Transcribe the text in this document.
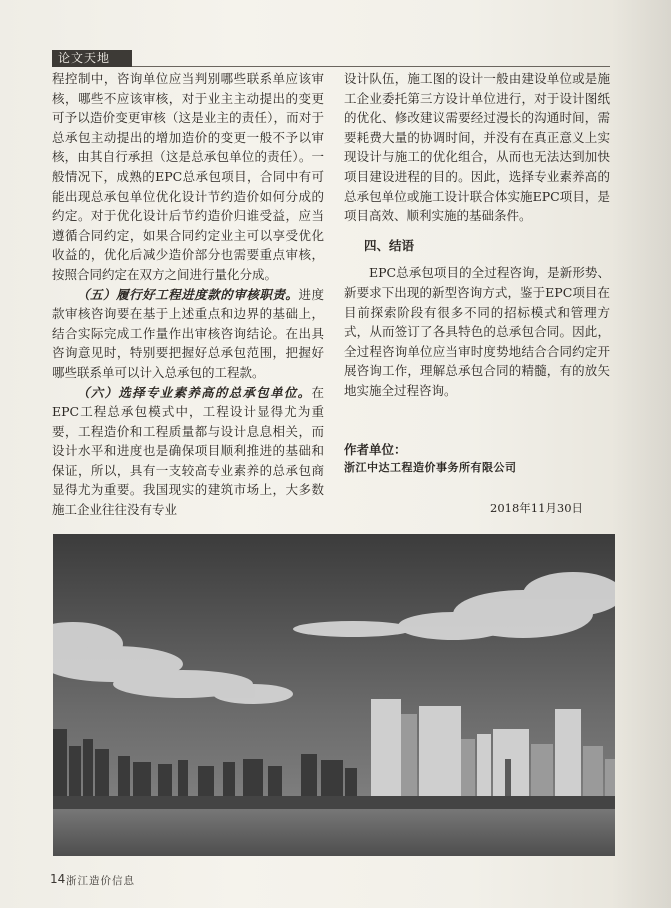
论文天地

程控制中，咨询单位应当判别哪些联系单应该审核，哪些不应该审核，对于业主主动提出的变更可予以造价变更审核（这是业主的责任），而对于总承包主动提出的增加造价的变更一般不予以审核，由其自行承担（这是总承包单位的责任）。一般情况下，成熟的EPC总承包项目，合同中有可能出现总承包单位优化设计节约造价如何分成的约定。对于优化设计后节约造价归谁受益，应当遵循合同约定，如果合同约定业主可以享受优化收益的，优化后减少造价部分也需要重点审核，按照合同约定在双方之间进行量化分成。

（五）履行好工程进度款的审核职责。进度款审核咨询要在基于上述重点和边界的基础上，结合实际完成工作量作出审核咨询结论。在出具咨询意见时，特别要把握好总承包范围，把握好哪些联系单可以计入总承包的工程款。

（六）选择专业素养高的总承包单位。在EPC工程总承包模式中，工程设计显得尤为重要，工程造价和工程质量都与设计息息相关，而设计水平和进度也是确保项目顺利推进的基础和保证，所以，具有一支较高专业素养的总承包商显得尤为重要。我国现实的建筑市场上，大多数施工企业往往没有专业

设计队伍，施工图的设计一般由建设单位或是施工企业委托第三方设计单位进行，对于设计图纸的优化、修改建议需要经过漫长的沟通时间，需要耗费大量的协调时间，并没有在真正意义上实现设计与施工的优化组合，从而也无法达到加快项目建设进程的目的。因此，选择专业素养高的总承包单位或施工设计联合体实施EPC项目，是项目高效、顺利实施的基础条件。

四、结语

EPC总承包项目的全过程咨询，是新形势、新要求下出现的新型咨询方式，鉴于EPC项目在目前探索阶段有很多不同的招标模式和管理方式，从而签订了各具特色的总承包合同。因此，全过程咨询单位应当审时度势地结合合同约定开展咨询工作，理解总承包合同的精髓，有的放矢地实施全过程咨询。

作者单位：
浙江中达工程造价事务所有限公司
2018年11月30日
14 浙江造价信息
